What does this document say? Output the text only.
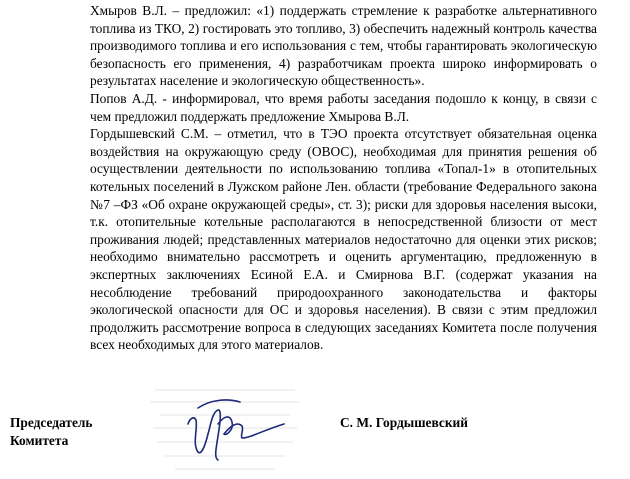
Хмыров В.Л. – предложил: «1) поддержать стремление к разработке альтернативного топлива из ТКО, 2) гостировать это топливо, 3) обеспечить надежный контроль качества производимого топлива и его использования с тем, чтобы гарантировать экологическую безопасность его применения, 4) разработчикам проекта широко информировать о результатах население и экологическую общественность».

Попов А.Д. - информировал, что время работы заседания подошло к концу, в связи с чем предложил поддержать предложение Хмырова В.Л.

Гордышевский С.М. – отметил, что в ТЭО проекта отсутствует обязательная оценка воздействия на окружающую среду (ОВОС), необходимая для принятия решения об осуществлении деятельности по использованию топлива «Топал-1» в отопительных котельных поселений в Лужском районе Лен. области (требование Федерального закона №7 –ФЗ «Об охране окружающей среды», ст. 3); риски для здоровья населения высоки, т.к. отопительные котельные располагаются в непосредственной близости от мест проживания людей; представленных материалов недостаточно для оценки этих рисков; необходимо внимательно рассмотреть и оценить аргументацию, предложенную в экспертных заключениях Есиной Е.А. и Смирнова В.Г. (содержат указания на несоблюдение требований природоохранного законодательства и факторы экологической опасности для ОС и здоровья населения). В связи с этим предложил продолжить рассмотрение вопроса в следующих заседаниях Комитета после получения всех необходимых для этого материалов.

Председатель
Комитета
С. М. Гордышевский
